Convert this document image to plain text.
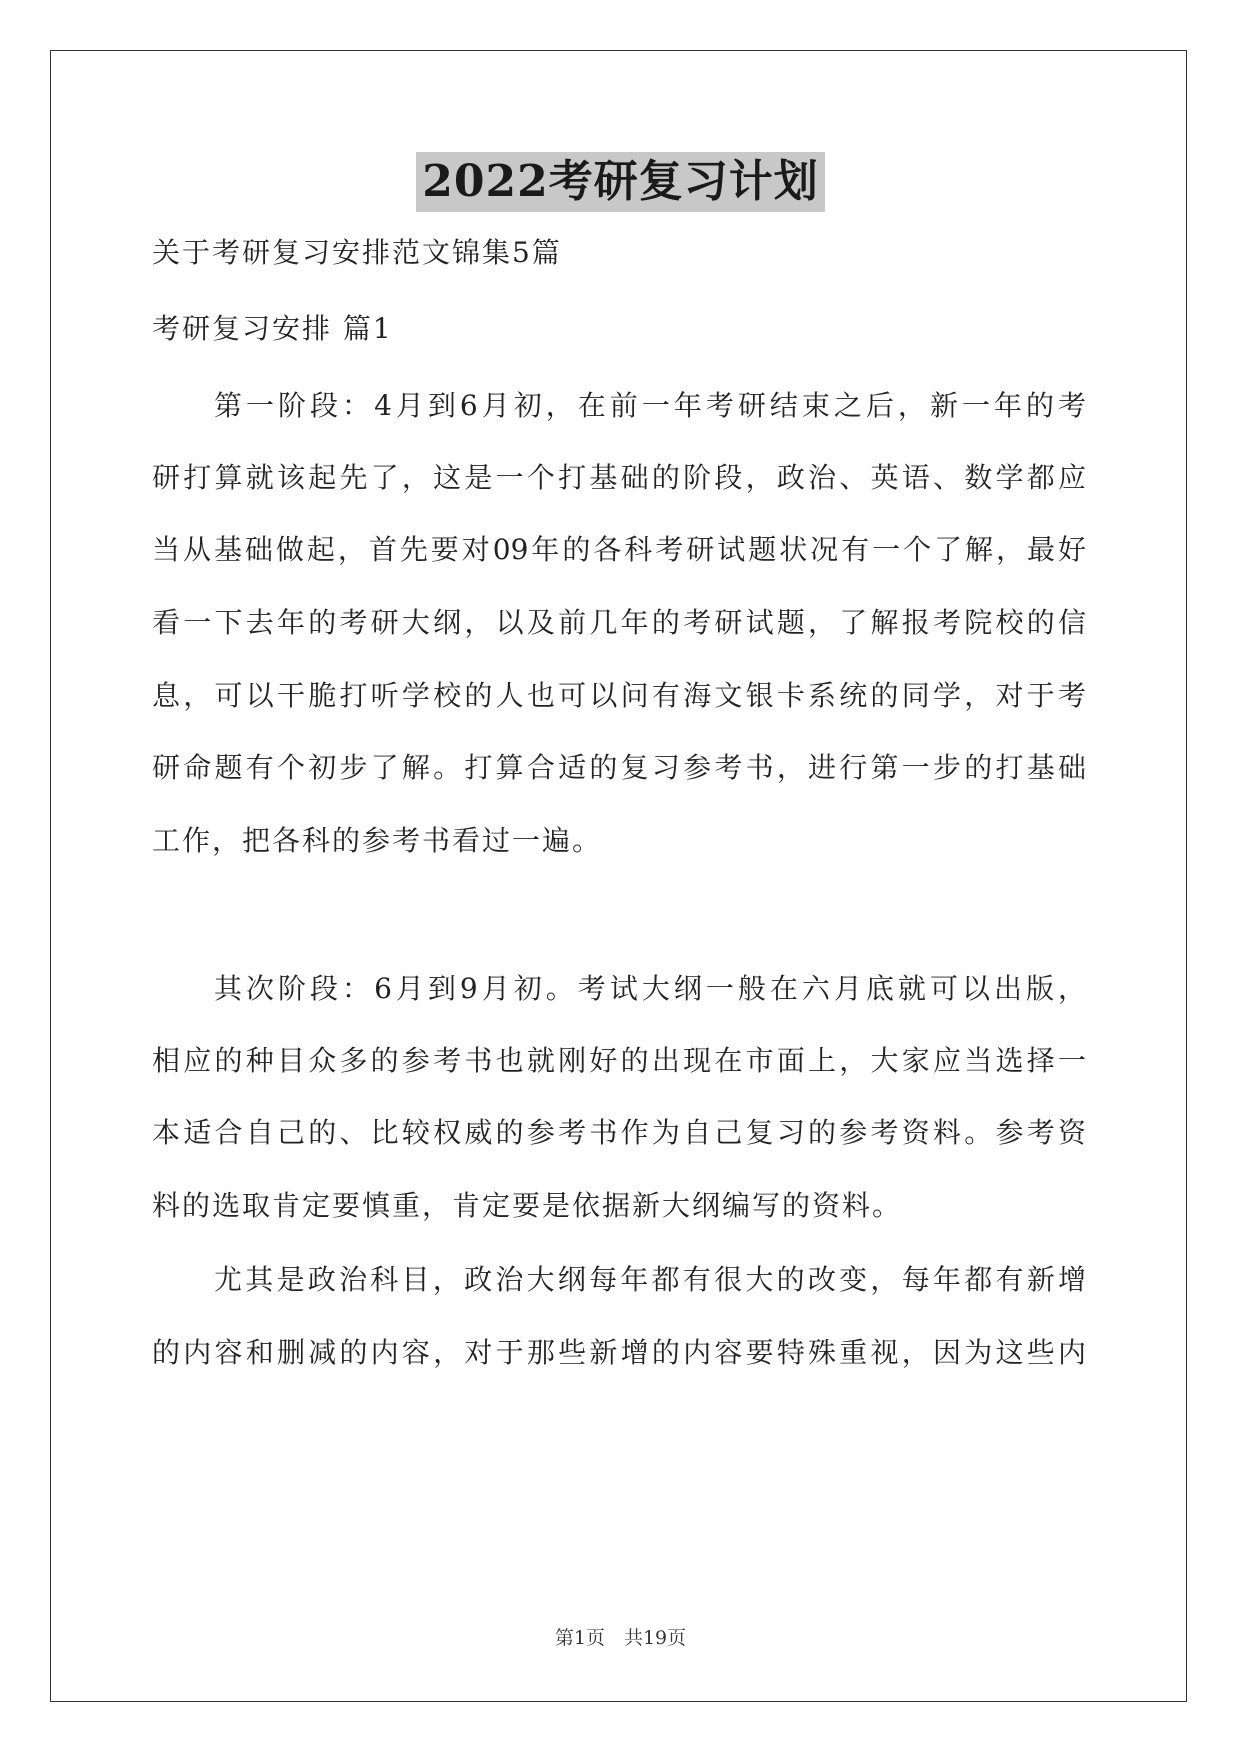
2022考研复习计划
关于考研复习安排范文锦集5篇
考研复习安排 篇1
第一阶段：4月到6月初，在前一年考研结束之后，新一年的考
研打算就该起先了，这是一个打基础的阶段，政治、英语、数学都应
当从基础做起，首先要对09年的各科考研试题状况有一个了解，最好
看一下去年的考研大纲，以及前几年的考研试题，了解报考院校的信
息，可以干脆打听学校的人也可以问有海文银卡系统的同学，对于考
研命题有个初步了解。打算合适的复习参考书，进行第一步的打基础
工作，把各科的参考书看过一遍。
其次阶段：6月到9月初。考试大纲一般在六月底就可以出版，
相应的种目众多的参考书也就刚好的出现在市面上，大家应当选择一
本适合自己的、比较权威的参考书作为自己复习的参考资料。参考资
料的选取肯定要慎重，肯定要是依据新大纲编写的资料。
尤其是政治科目，政治大纲每年都有很大的改变，每年都有新增
的内容和删减的内容，对于那些新增的内容要特殊重视，因为这些内
第1页　共19页
